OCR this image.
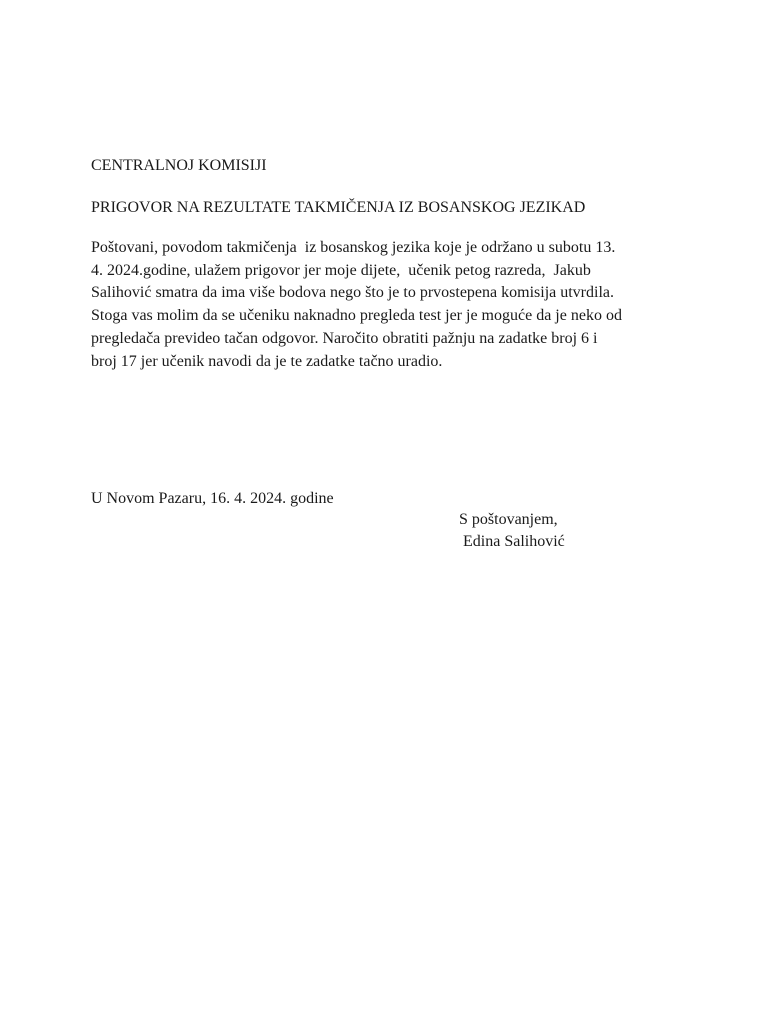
CENTRALNOJ KOMISIJI
PRIGOVOR NA REZULTATE TAKMIČENJA IZ BOSANSKOG JEZIKAD
Poštovani, povodom takmičenja  iz bosanskog jezika koje je održano u subotu 13.
4. 2024.godine, ulažem prigovor jer moje dijete,  učenik petog razreda,  Jakub
Salihović smatra da ima više bodova nego što je to prvostepena komisija utvrdila.
Stoga vas molim da se učeniku naknadno pregleda test jer je moguće da je neko od
pregledača prevideo tačan odgovor. Naročito obratiti pažnju na zadatke broj 6 i
broj 17 jer učenik navodi da je te zadatke tačno uradio.
U Novom Pazaru, 16. 4. 2024. godine
S poštovanjem,
Edina Salihović
